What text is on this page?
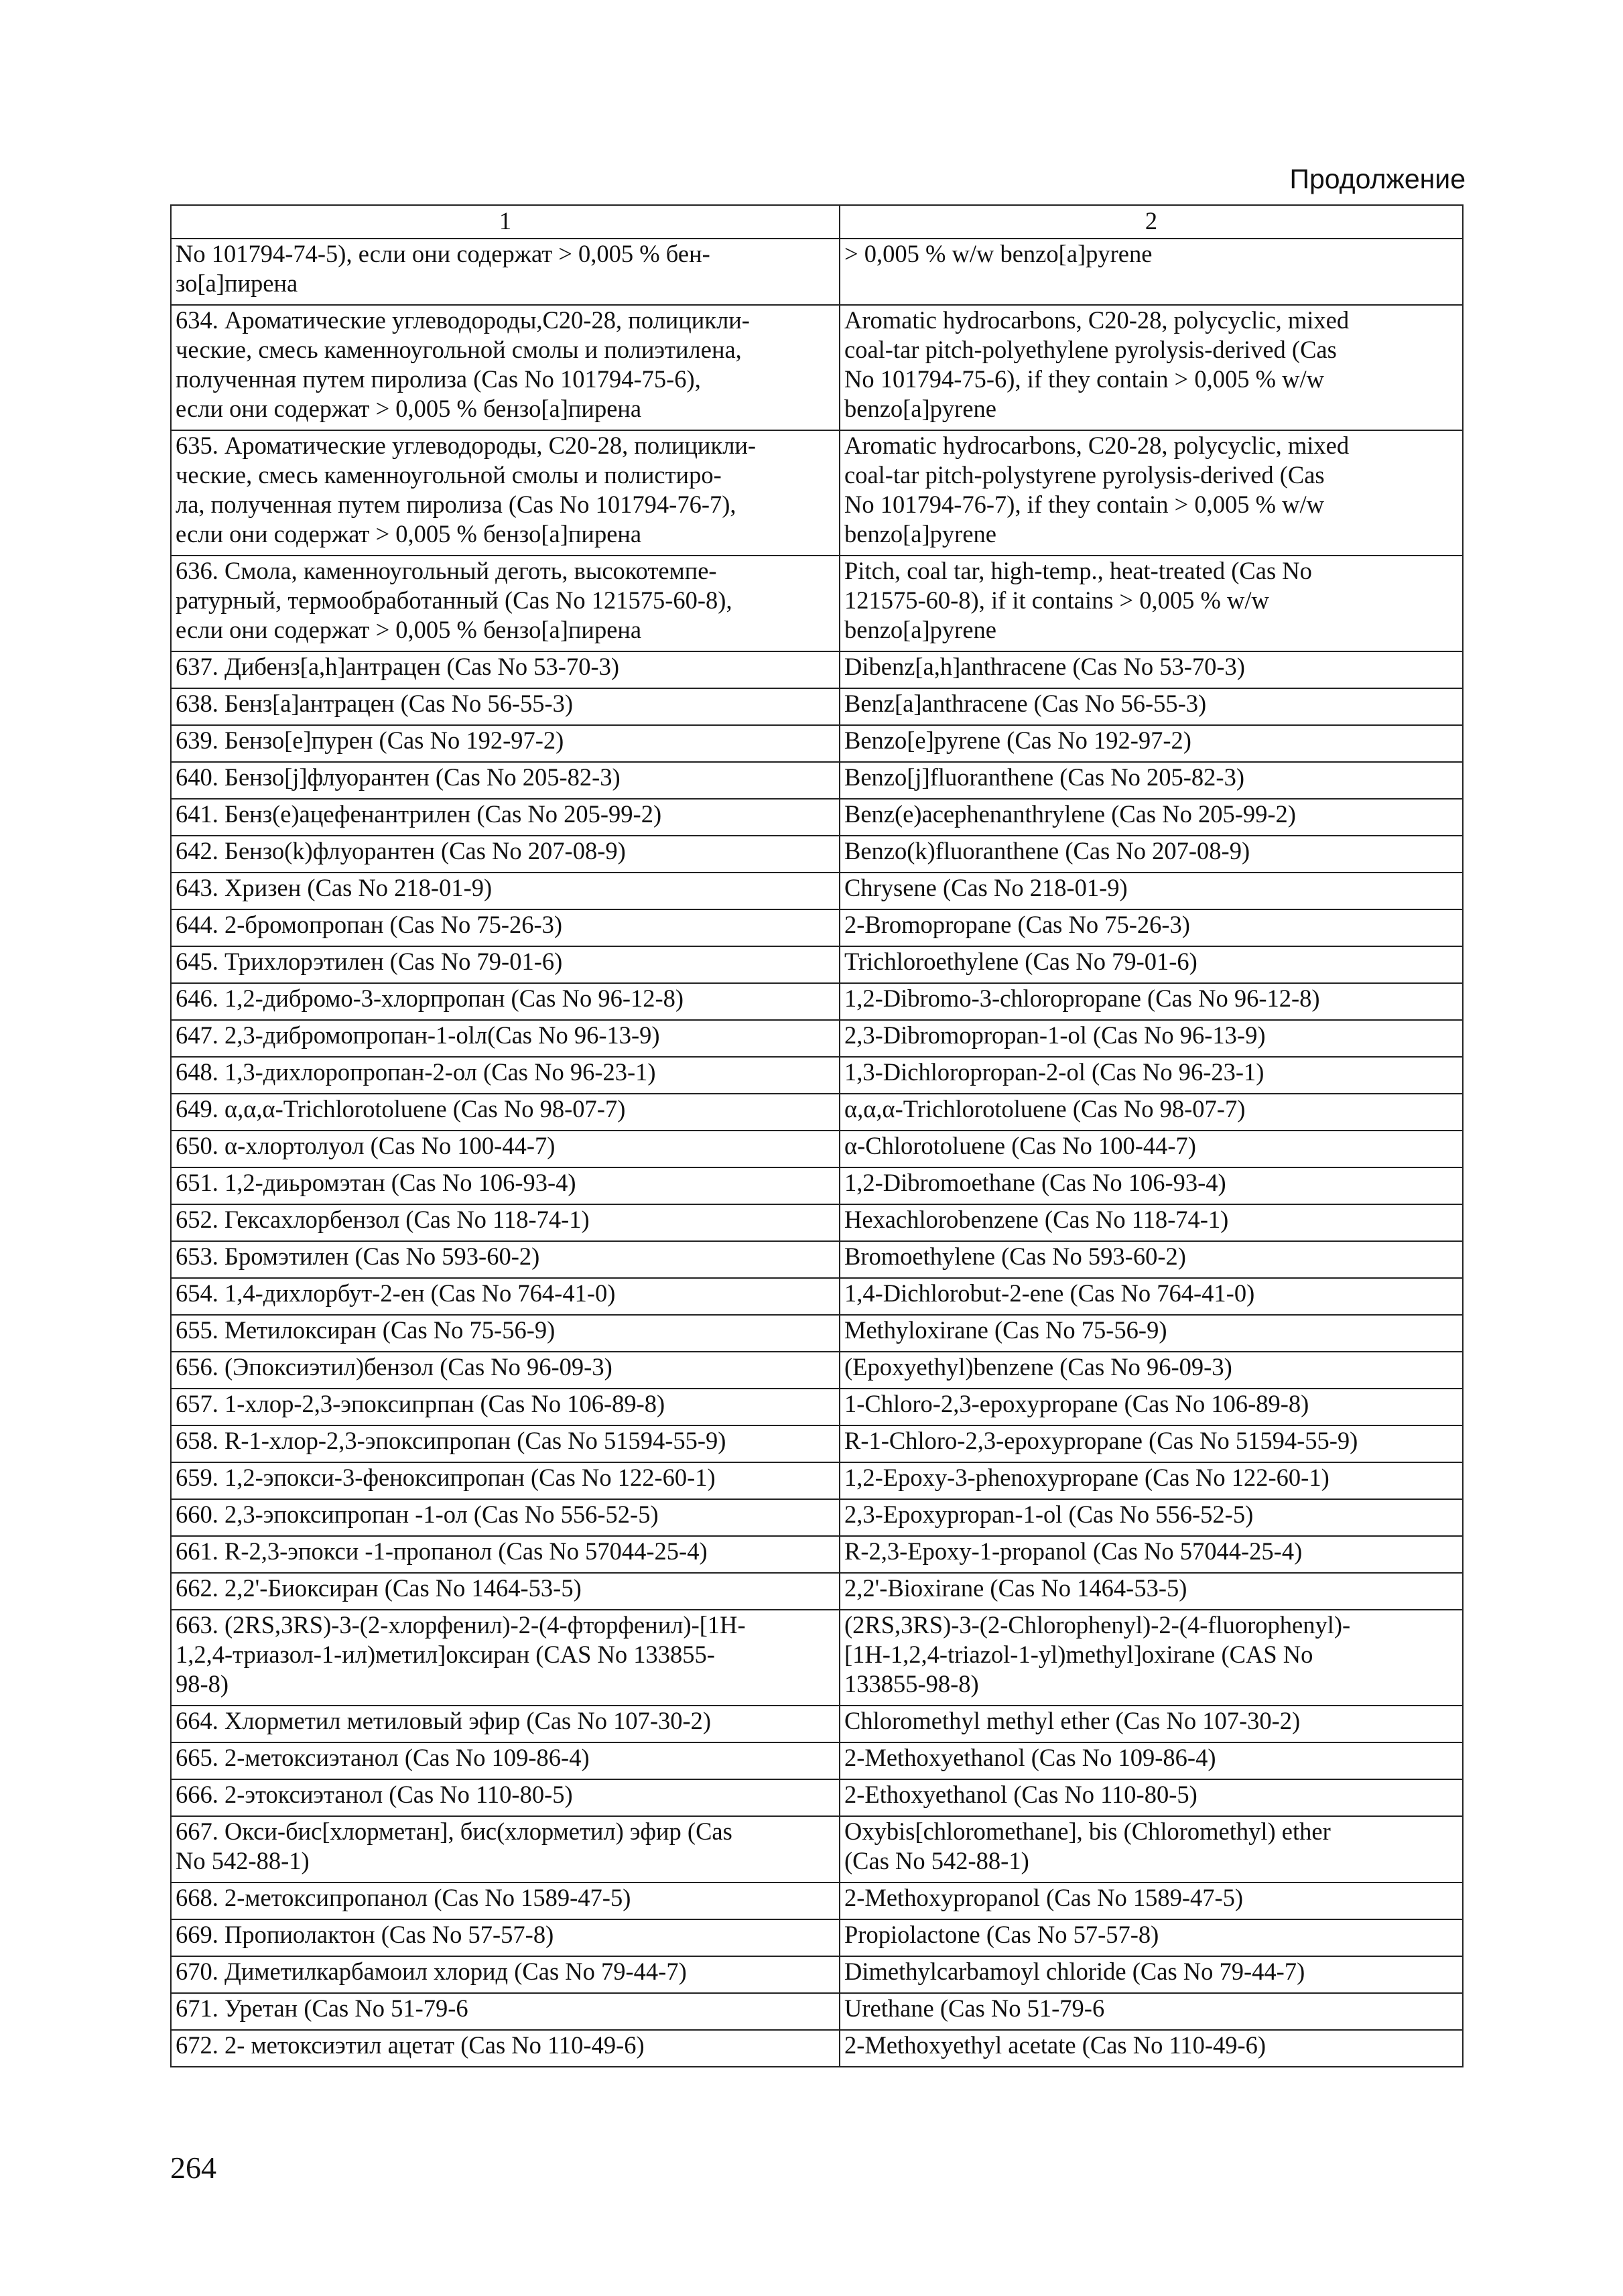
Продолжение
1	2
No 101794-74-5), если они содержат > 0,005 % бен-
зо[а]пирена	> 0,005 % w/w benzo[a]pyrene
634. Ароматические углеводороды,C20-28, полицикли-
ческие, смесь каменноугольной смолы и полиэтилена,
полученная путем пиролиза (Cas No 101794-75-6),
если они содержат > 0,005 % бензо[а]пирена	Aromatic hydrocarbons, C20-28, polycyclic, mixed
coal-tar pitch-polyethylene pyrolysis-derived (Cas
No 101794-75-6), if they contain > 0,005 % w/w
benzo[a]pyrene
635. Ароматические углеводороды, C20-28, полицикли-
ческие, смесь каменноугольной смолы и полистиро-
ла, полученная путем пиролиза (Cas No 101794-76-7),
если они содержат > 0,005 % бензо[а]пирена	Aromatic hydrocarbons, C20-28, polycyclic, mixed
coal-tar pitch-polystyrene pyrolysis-derived (Cas
No 101794-76-7), if they contain > 0,005 % w/w
benzo[a]pyrene
636. Смола, каменноугольный деготь, высокотемпе-
ратурный, термообработанный (Cas No 121575-60-8),
если они содержат > 0,005 % бензо[а]пирена	Pitch, coal tar, high-temp., heat-treated (Cas No
121575-60-8), if it contains > 0,005 % w/w
benzo[a]pyrene
637. Дибенз[a,h]антрацен (Cas No 53-70-3)	Dibenz[a,h]anthracene (Cas No 53-70-3)
638. Бенз[a]антрацен (Cas No 56-55-3)	Benz[a]anthracene (Cas No 56-55-3)
639. Бензо[e]пурен (Cas No 192-97-2)	Benzo[e]pyrene (Cas No 192-97-2)
640. Бензо[j]флуорантен (Cas No 205-82-3)	Benzo[j]fluoranthene (Cas No 205-82-3)
641. Бенз(e)ацефенантрилен (Cas No 205-99-2)	Benz(e)acephenanthrylene (Cas No 205-99-2)
642. Бензо(k)флуорантен (Cas No 207-08-9)	Benzo(k)fluoranthene (Cas No 207-08-9)
643. Хризен (Cas No 218-01-9)	Chrysene (Cas No 218-01-9)
644. 2-бромопропан (Cas No 75-26-3)	2-Bromopropane (Cas No 75-26-3)
645. Трихлорэтилен (Cas No 79-01-6)	Trichloroethylene (Cas No 79-01-6)
646. 1,2-дибромо-3-хлорпропан (Cas No 96-12-8)	1,2-Dibromo-3-chloropropane (Cas No 96-12-8)
647. 2,3-дибромопропан-1-olл(Cas No 96-13-9)	2,3-Dibromopropan-1-ol (Cas No 96-13-9)
648. 1,3-дихлоропропан-2-ол (Cas No 96-23-1)	1,3-Dichloropropan-2-ol (Cas No 96-23-1)
649. α,α,α-Trichlorotoluene (Cas No 98-07-7)	α,α,α-Trichlorotoluene (Cas No 98-07-7)
650. α-хлортолуол (Cas No 100-44-7)	α-Chlorotoluene (Cas No 100-44-7)
651. 1,2-диьромэтан (Cas No 106-93-4)	1,2-Dibromoethane (Cas No 106-93-4)
652. Гексахлорбензол (Cas No 118-74-1)	Hexachlorobenzene (Cas No 118-74-1)
653. Бромэтилен (Cas No 593-60-2)	Bromoethylene (Cas No 593-60-2)
654. 1,4-дихлорбут-2-ен (Cas No 764-41-0)	1,4-Dichlorobut-2-ene (Cas No 764-41-0)
655. Метилоксиран (Cas No 75-56-9)	Methyloxirane (Cas No 75-56-9)
656. (Эпоксиэтил)бензол (Cas No 96-09-3)	(Epoxyethyl)benzene (Cas No 96-09-3)
657. 1-хлор-2,3-эпоксипрпан (Cas No 106-89-8)	1-Chloro-2,3-epoxypropane (Cas No 106-89-8)
658. R-1-хлор-2,3-эпоксипропан (Cas No 51594-55-9)	R-1-Chloro-2,3-epoxypropane (Cas No 51594-55-9)
659. 1,2-эпокси-3-феноксипропан (Cas No 122-60-1)	1,2-Epoxy-3-phenoxypropane (Cas No 122-60-1)
660. 2,3-эпоксипропан -1-ол (Cas No 556-52-5)	2,3-Epoxypropan-1-ol (Cas No 556-52-5)
661. R-2,3-эпокси -1-пропанол (Cas No 57044-25-4)	R-2,3-Epoxy-1-propanol (Cas No 57044-25-4)
662. 2,2'-Биоксиран (Cas No 1464-53-5)	2,2'-Bioxirane (Cas No 1464-53-5)
663. (2RS,3RS)-3-(2-хлорфенил)-2-(4-фторфенил)-[1H-
1,2,4-триазол-1-ил)метил]оксиран (CAS No 133855-
98-8)	(2RS,3RS)-3-(2-Chlorophenyl)-2-(4-fluorophenyl)-
[1H-1,2,4-triazol-1-yl)methyl]oxirane (CAS No
133855-98-8)
664. Хлорметил метиловый эфир (Cas No 107-30-2)	Chloromethyl methyl ether (Cas No 107-30-2)
665. 2-метоксиэтанол (Cas No 109-86-4)	2-Methoxyethanol (Cas No 109-86-4)
666. 2-этоксиэтанол (Cas No 110-80-5)	2-Ethoxyethanol (Cas No 110-80-5)
667. Окси-бис[хлорметан], бис(хлорметил) эфир (Cas
No 542-88-1)	Oxybis[chloromethane], bis (Chloromethyl) ether
(Cas No 542-88-1)
668. 2-метоксипропанол (Cas No 1589-47-5)	2-Methoxypropanol (Cas No 1589-47-5)
669. Пропиолактон (Cas No 57-57-8)	Propiolactone (Cas No 57-57-8)
670. Диметилкарбамоил хлорид (Cas No 79-44-7)	Dimethylcarbamoyl chloride (Cas No 79-44-7)
671. Уретан (Cas No 51-79-6	Urethane (Cas No 51-79-6
672. 2- метоксиэтил ацетат (Cas No 110-49-6)	2-Methoxyethyl acetate (Cas No 110-49-6)
264
